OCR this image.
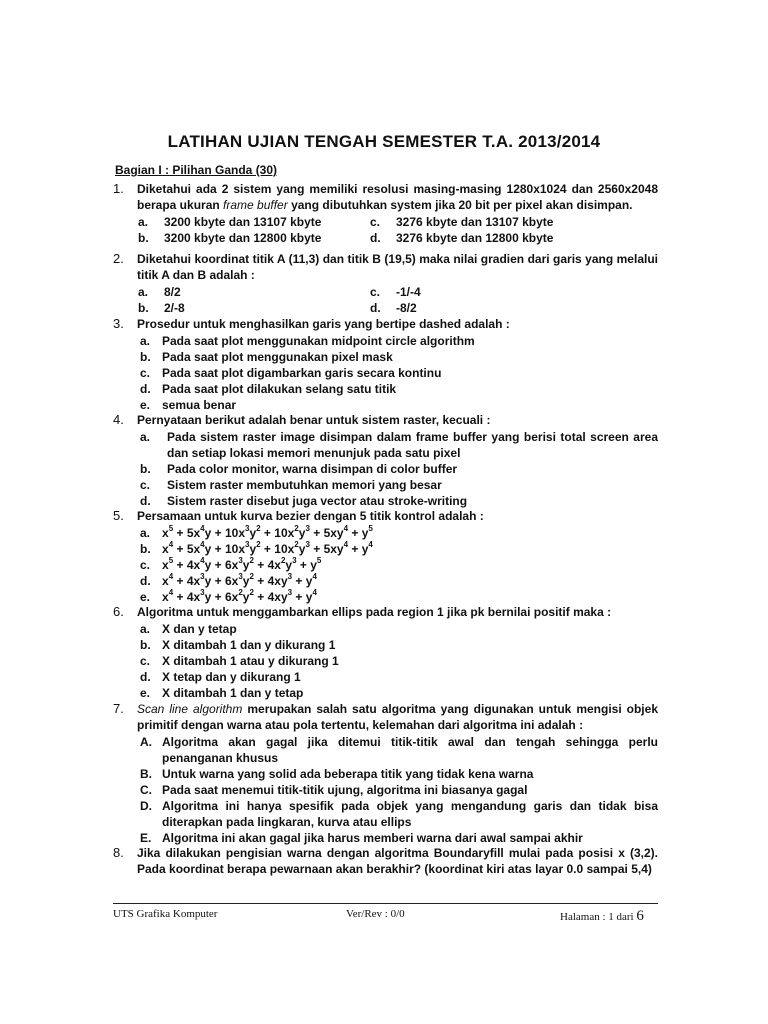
LATIHAN UJIAN TENGAH SEMESTER T.A. 2013/2014
Bagian I : Pilihan Ganda (30)
1. Diketahui ada 2 sistem yang memiliki resolusi masing-masing 1280x1024 dan 2560x2048 berapa ukuran frame buffer yang dibutuhkan system jika 20 bit per pixel akan disimpan.
a.	3200 kbyte dan 13107 kbyte	c.	3276 kbyte dan 13107 kbyte
b.	3200 kbyte dan 12800 kbyte	d.	3276 kbyte dan 12800 kbyte
2. Diketahui koordinat titik A (11,3) dan titik B (19,5) maka nilai gradien dari garis yang melalui titik A dan B adalah :
a.	8/2	c.	-1/-4
b.	2/-8	d.	-8/2
3. Prosedur untuk menghasilkan garis yang bertipe dashed adalah :
a. Pada saat plot menggunakan midpoint circle algorithm
b. Pada saat plot menggunakan pixel mask
c. Pada saat plot digambarkan garis secara kontinu
d. Pada saat plot dilakukan selang satu titik
e. semua benar
4. Pernyataan berikut adalah benar untuk sistem raster, kecuali :
a.	Pada sistem raster image disimpan dalam frame buffer yang berisi total screen area dan setiap lokasi memori menunjuk pada satu pixel
b.	Pada color monitor, warna disimpan di color buffer
c.	Sistem raster membutuhkan memori yang besar
d.	Sistem raster disebut juga vector atau stroke-writing
5. Persamaan untuk kurva bezier dengan 5 titik kontrol adalah :
a. $x^5 + 5x^4y + 10x^3y^2 + 10x^2y^3 + 5xy^4 + y^5$
b. $x^4 + 5x^4y + 10x^3y^2 + 10x^2y^3 + 5xy^4 + y^4$
c. $x^5 + 4x^4y + 6x^3y^2 + 4x^2y^3 + y^5$
d. $x^4 + 4x^3y + 6x^3y^2 + 4xy^3 + y^4$
e. $x^4 + 4x^3y + 6x^2y^2 + 4xy^3 + y^4$
6. Algoritma untuk menggambarkan ellips pada region 1 jika pk bernilai positif maka :
a. X dan y tetap
b. X ditambah 1 dan y dikurang 1
c. X ditambah 1 atau y dikurang 1
d. X tetap dan y dikurang 1
e. X ditambah 1 dan y tetap
7. Scan line algorithm merupakan salah satu algoritma yang digunakan untuk mengisi objek primitif dengan warna atau pola tertentu, kelemahan dari algoritma ini adalah :
A. Algoritma akan gagal jika ditemui titik-titik awal dan tengah sehingga perlu penanganan khusus
B. Untuk warna yang solid ada beberapa titik yang tidak kena warna
C. Pada saat menemui titik-titik ujung, algoritma ini biasanya gagal
D. Algoritma ini hanya spesifik pada objek yang mengandung garis dan tidak bisa diterapkan pada lingkaran, kurva atau ellips
E. Algoritma ini akan gagal jika harus memberi warna dari awal sampai akhir
8. Jika dilakukan pengisian warna dengan algoritma Boundaryfill mulai pada posisi x (3,2). Pada koordinat berapa pewarnaan akan berakhir? (koordinat kiri atas layar 0.0 sampai 5,4)
UTS Grafika Komputer	Ver/Rev : 0/0	Halaman : 1 dari 6
